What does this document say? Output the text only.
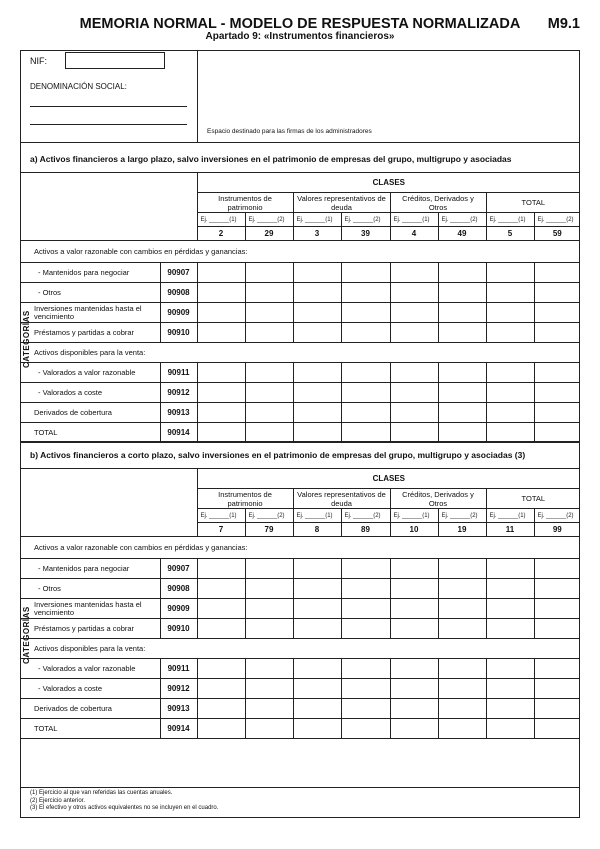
MEMORIA NORMAL - MODELO DE RESPUESTA NORMALIZADA	M9.1
Apartado 9: «Instrumentos financieros»
NIF:
DENOMINACIÓN SOCIAL:
Espacio destinado para las firmas de los administradores
a) Activos financieros a largo plazo, salvo inversiones en el patrimonio de empresas del grupo, multigrupo y asociadas
		CLASES							
		Instrumentos de patrimonio		Valores representativos de deuda		Créditos, Derivados y Otros		TOTAL	
		Ej. ______(1)	Ej. ______(2)	Ej. ______(1)	Ej. ______(2)	Ej. ______(1)	Ej. ______(2)	Ej. ______(1)	Ej. ______(2)
		2	29	3	39	4	49	5	59
Activos a valor razonable con cambios en pérdidas y ganancias:									
- Mantenidos para negociar	90907								
- Otros	90908								
Inversiones mantenidas hasta el vencimiento	90909								
Préstamos y partidas a cobrar	90910								
Activos disponibles para la venta:									
- Valorados a valor razonable	90911								
- Valorados a coste	90912								
Derivados de cobertura	90913								
TOTAL	90914								
b) Activos financieros a corto plazo, salvo inversiones en el patrimonio de empresas del grupo, multigrupo y asociadas (3)
		CLASES							
		Instrumentos de patrimonio		Valores representativos de deuda		Créditos, Derivados y Otros		TOTAL	
		Ej. ______(1)	Ej. ______(2)	Ej. ______(1)	Ej. ______(2)	Ej. ______(1)	Ej. ______(2)	Ej. ______(1)	Ej. ______(2)
		7	79	8	89	10	19	11	99
Activos a valor razonable con cambios en pérdidas y ganancias:									
- Mantenidos para negociar	90907								
- Otros	90908								
Inversiones mantenidas hasta el vencimiento	90909								
Préstamos y partidas a cobrar	90910								
Activos disponibles para la venta:									
- Valorados a valor razonable	90911								
- Valorados a coste	90912								
Derivados de cobertura	90913								
TOTAL	90914								
CATEGORÍAS
CATEGORÍAS
(1) Ejercicio al que van referidas las cuentas anuales.
(2) Ejercicio anterior.
(3) El efectivo y otros activos equivalentes no se incluyen en el cuadro.
